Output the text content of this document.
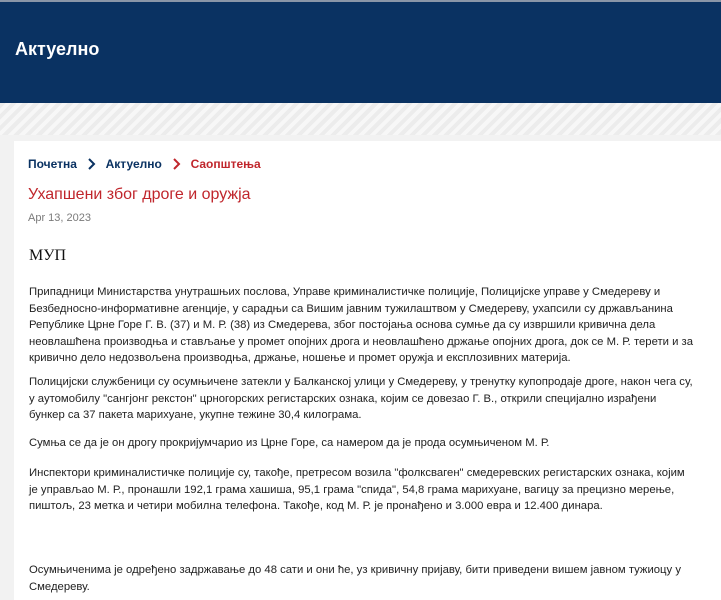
Актуелно
Почетна Актуелно Саопштења
Ухапшени због дроге и оружја
Apr 13, 2023
МУП

Припадници Министарства унутрашњих послова, Управе криминалистичке полиције, Полицијске управе у Смедереву и Безбедносно-информативне агенције, у сарадњи са Вишим јавним тужилаштвом у Смедереву, ухапсили су држављанина Републике Црне Горе Г. В. (37) и М. Р. (38) из Смедерева, због постојања основа сумње да су извршили кривична дела неовлашћена производња и стављање у промет опојних дрога и неовлашћено држање опојних дрога, док се М. Р. терети и за кривично дело недозвољена производња, држање, ношење и промет оружја и експлозивних материја.

Полицијски службеници су осумњичене затекли у Балканској улици у Смедереву, у тренутку купопродаје дроге, након чега су, у аутомобилу "сангјонг рекстон" црногорских регистарских ознака, којим се довезао Г. В., открили специјално израђени бункер са 37 пакета марихуане, укупне тежине 30,4 килограма.

Сумња се да је он дрогу прокријумчарио из Црне Горе, са намером да је прода осумњиченом М. Р.

Инспектори криминалистичке полиције су, такође, претресом возила "фолксваген" смедеревских регистарских ознака, којим је управљао М. Р., пронашли 192,1 грама хашиша, 95,1 грама "спида", 54,8 грама марихуане, вагицу за прецизно мерење, пиштољ, 23 метка и четири мобилна телефона. Такође, код М. Р. је пронађено и 3.000 евра и 12.400 динара.

Осумњиченима је одређено задржавање до 48 сати и они ће, уз кривичну пријаву, бити приведени вишем јавном тужиоцу у Смедереву.
